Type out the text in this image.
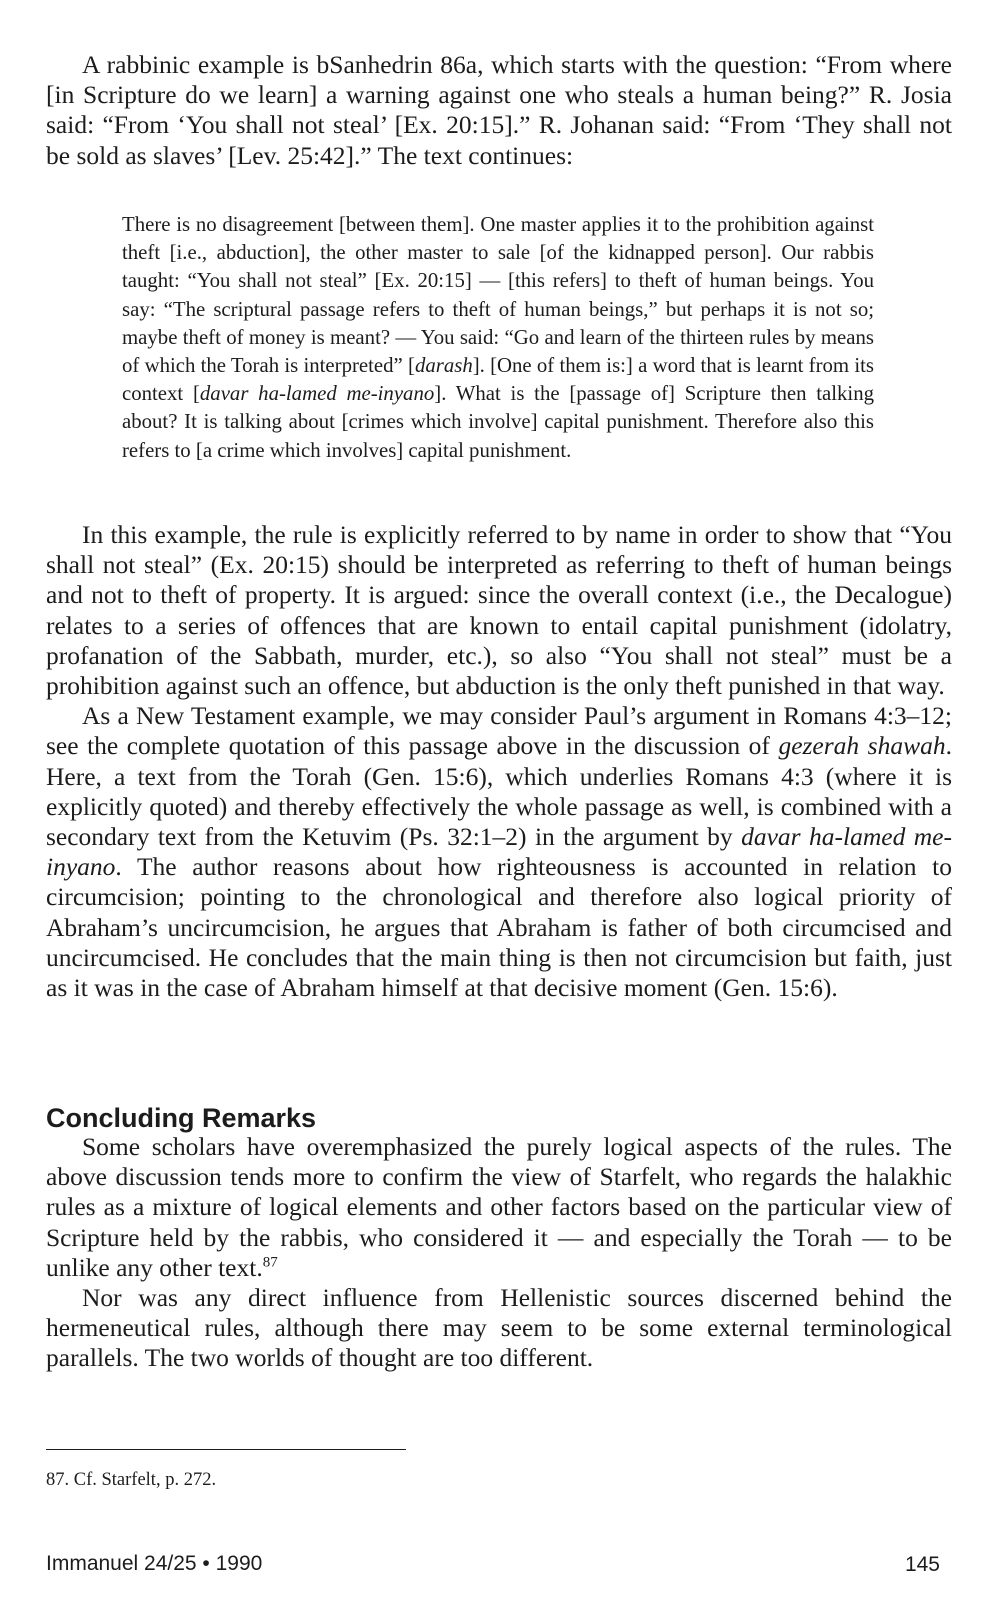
A rabbinic example is bSanhedrin 86a, which starts with the question: “From where [in Scripture do we learn] a warning against one who steals a human being?” R. Josia said: “From ‘You shall not steal’ [Ex. 20:15].” R. Johanan said: “From ‘They shall not be sold as slaves’ [Lev. 25:42].” The text continues:

There is no disagreement [between them]. One master applies it to the prohibition against theft [i.e., abduction], the other master to sale [of the kidnapped person]. Our rabbis taught: “You shall not steal” [Ex. 20:15] — [this refers] to theft of human beings. You say: “The scriptural passage refers to theft of human beings,” but perhaps it is not so; maybe theft of money is meant? — You said: “Go and learn of the thirteen rules by means of which the Torah is interpreted” [darash]. [One of them is:] a word that is learnt from its context [davar ha-lamed me-inyano]. What is the [passage of] Scripture then talking about? It is talking about [crimes which involve] capital punishment. Therefore also this refers to [a crime which involves] capital punishment.

In this example, the rule is explicitly referred to by name in order to show that “You shall not steal” (Ex. 20:15) should be interpreted as referring to theft of human beings and not to theft of property. It is argued: since the overall context (i.e., the Decalogue) relates to a series of offences that are known to entail capital punishment (idolatry, profanation of the Sabbath, murder, etc.), so also “You shall not steal” must be a prohibition against such an offence, but abduction is the only theft punished in that way.

As a New Testament example, we may consider Paul’s argument in Romans 4:3–12; see the complete quotation of this passage above in the discussion of gezerah shawah. Here, a text from the Torah (Gen. 15:6), which underlies Romans 4:3 (where it is explicitly quoted) and thereby effectively the whole passage as well, is combined with a secondary text from the Ketuvim (Ps. 32:1–2) in the argument by davar ha-lamed me-inyano. The author reasons about how righteousness is accounted in relation to circumcision; pointing to the chronological and therefore also logical priority of Abraham’s uncircumcision, he argues that Abraham is father of both circumcised and uncircumcised. He concludes that the main thing is then not circumcision but faith, just as it was in the case of Abraham himself at that decisive moment (Gen. 15:6).

Concluding Remarks

Some scholars have overemphasized the purely logical aspects of the rules. The above discussion tends more to confirm the view of Starfelt, who regards the halakhic rules as a mixture of logical elements and other factors based on the particular view of Scripture held by the rabbis, who considered it — and especially the Torah — to be unlike any other text.$^{87}$

Nor was any direct influence from Hellenistic sources discerned behind the hermeneutical rules, although there may seem to be some external terminological parallels. The two worlds of thought are too different.

87. Cf. Starfelt, p. 272.
Immanuel 24/25 • 1990	145
